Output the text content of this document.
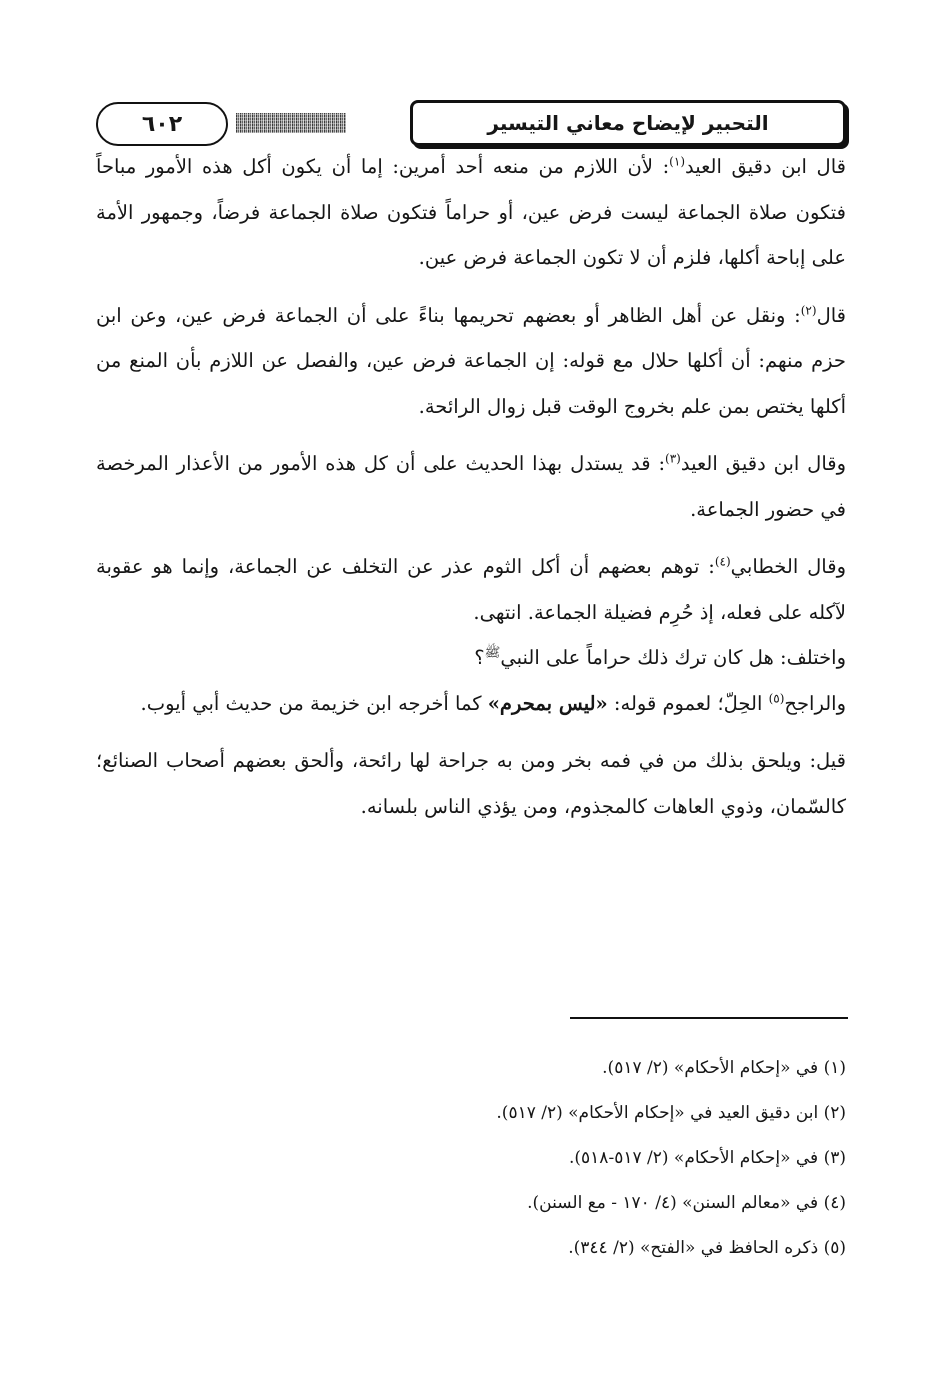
٦٠٢	التحبير لإيضاح معاني التيسير

قال ابن دقيق العيد$^{(١)}$: لأن اللازم من منعه أحد أمرين: إما أن يكون أكل هذه الأمور مباحاً فتكون صلاة الجماعة ليست فرض عين، أو حراماً فتكون صلاة الجماعة فرضاً، وجمهور الأمة على إباحة أكلها، فلزم أن لا تكون الجماعة فرض عين.

قال$^{(٢)}$: ونقل عن أهل الظاهر أو بعضهم تحريمها بناءً على أن الجماعة فرض عين، وعن ابن حزم منهم: أن أكلها حلال مع قوله: إن الجماعة فرض عين، والفصل عن اللازم بأن المنع من أكلها يختص بمن علم بخروج الوقت قبل زوال الرائحة.

وقال ابن دقيق العيد$^{(٣)}$: قد يستدل بهذا الحديث على أن كل هذه الأمور من الأعذار المرخصة في حضور الجماعة.

وقال الخطابي$^{(٤)}$: توهم بعضهم أن أكل الثوم عذر عن التخلف عن الجماعة، وإنما هو عقوبة لآكله على فعله، إذ حُرِم فضيلة الجماعة. انتهى.

واختلف: هل كان ترك ذلك حراماً على النبي$^ﷺ$؟

والراجح$^{(٥)}$ الحِلّ؛ لعموم قوله: «ليس بمحرم» كما أخرجه ابن خزيمة من حديث أبي أيوب.

قيل: ويلحق بذلك من في فمه بخر ومن به جراحة لها رائحة، وألحق بعضهم أصحاب الصنائع؛ كالسّمان، وذوي العاهات كالمجذوم، ومن يؤذي الناس بلسانه.

(١) في «إحكام الأحكام» (٢/ ٥١٧).

(٢) ابن دقيق العيد في «إحكام الأحكام» (٢/ ٥١٧).

(٣) في «إحكام الأحكام» (٢/ ٥١٧-٥١٨).

(٤) في «معالم السنن» (٤/ ١٧٠ - مع السنن).

(٥) ذكره الحافظ في «الفتح» (٢/ ٣٤٤).
